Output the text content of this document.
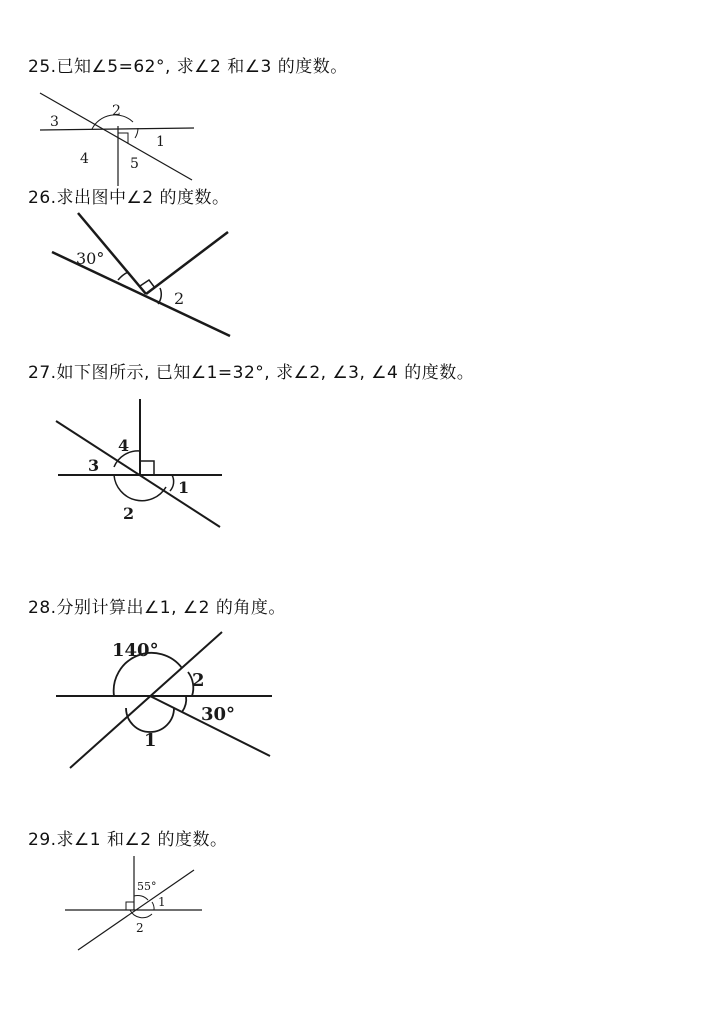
25.已知∠5=62°, 求∠2 和∠3 的度数。
2
3
1
4	5
26.求出图中∠2 的度数。
30°
2
27.如下图所示, 已知∠1=32°, 求∠2, ∠3, ∠4 的度数。
4
3
1
2
28.分别计算出∠1, ∠2 的角度。
140°
2
30°
1
29.求∠1 和∠2 的度数。
55°
1
2
